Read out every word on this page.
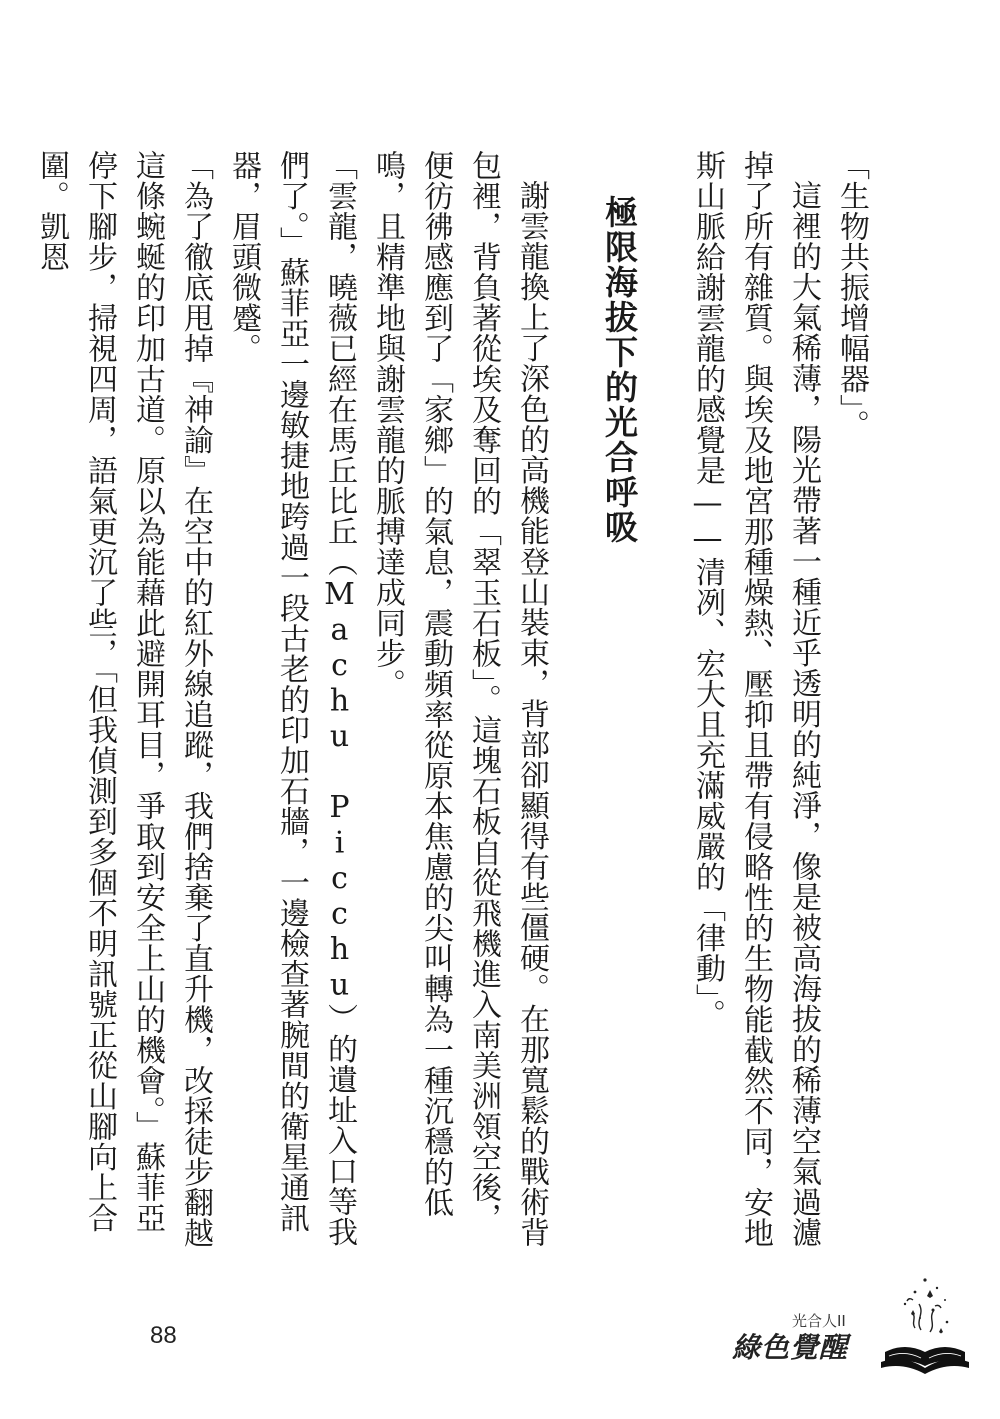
「生物共振增幅器」。

這裡的大氣稀薄，陽光帶著一種近乎透明的純淨，像是被高海拔的稀薄空氣過濾掉了所有雜質。與埃及地宮那種燥熱、壓抑且帶有侵略性的生物能截然不同，安地斯山脈給謝雲龍的感覺是——清冽、宏大且充滿威嚴的「律動」。

極限海拔下的光合呼吸

謝雲龍換上了深色的高機能登山裝束，背部卻顯得有些僵硬。在那寬鬆的戰術背包裡，背負著從埃及奪回的「翠玉石板」。這塊石板自從飛機進入南美洲領空後，便彷彿感應到了「家鄉」的氣息，震動頻率從原本焦慮的尖叫轉為一種沉穩的低鳴，且精準地與謝雲龍的脈搏達成同步。

「雲龍，曉薇已經在馬丘比丘（Machu Picchu）的遺址入口等我們了。」蘇菲亞一邊敏捷地跨過一段古老的印加石牆，一邊檢查著腕間的衛星通訊器，眉頭微蹙。

「為了徹底甩掉『神諭』在空中的紅外線追蹤，我們捨棄了直升機，改採徒步翻越這條蜿蜒的印加古道。原以為能藉此避開耳目，爭取到安全上山的機會。」蘇菲亞停下腳步，掃視四周，語氣更沉了些，「但我偵測到多個不明訊號正從山腳向上合圍。凱恩

88
光合人II
綠色覺醒
